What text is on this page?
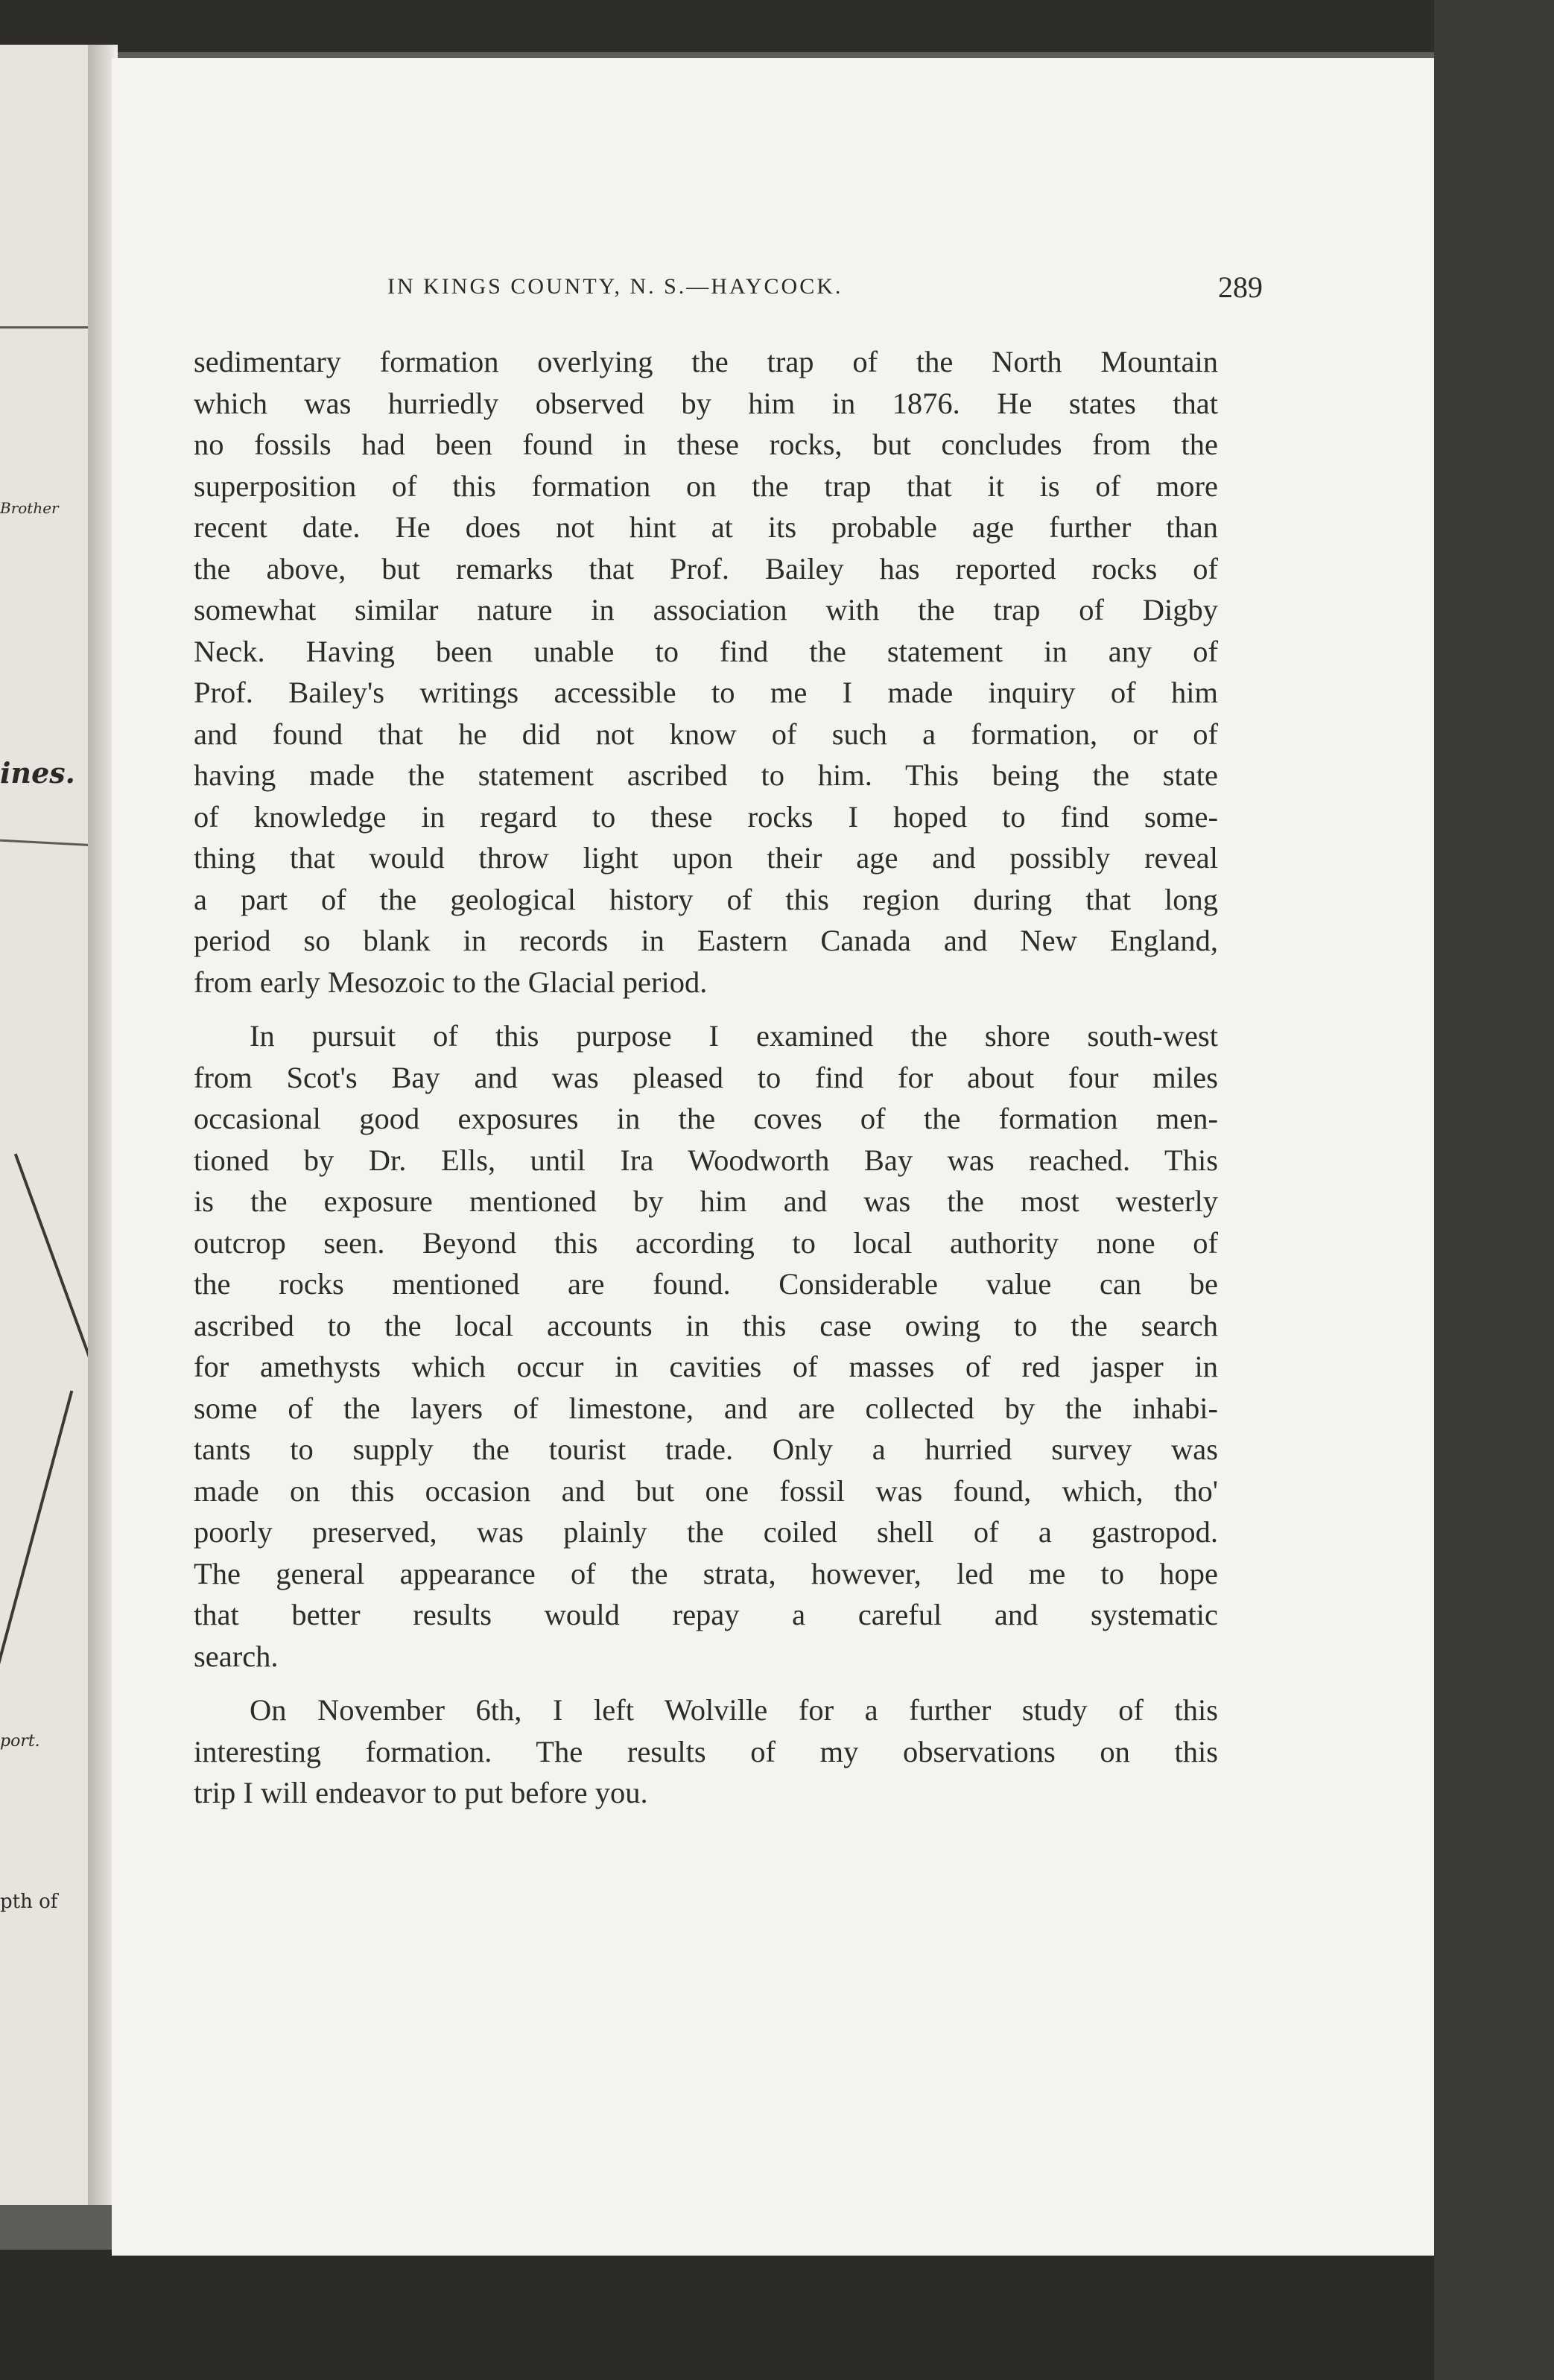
Brother
ines.
port.
pth of
IN KINGS COUNTY, N. S.—HAYCOCK.	289
sedimentary formation overlying the trap of the North Mountain
which was hurriedly observed by him in 1876. He states that
no fossils had been found in these rocks, but concludes from the
superposition of this formation on the trap that it is of more
recent date. He does not hint at its probable age further than
the above, but remarks that Prof. Bailey has reported rocks of
somewhat similar nature in association with the trap of Digby
Neck. Having been unable to find the statement in any of
Prof. Bailey's writings accessible to me I made inquiry of him
and found that he did not know of such a formation, or of
having made the statement ascribed to him. This being the state
of knowledge in regard to these rocks I hoped to find some-
thing that would throw light upon their age and possibly reveal
a part of the geological history of this region during that long
period so blank in records in Eastern Canada and New England,
from early Mesozoic to the Glacial period.
In pursuit of this purpose I examined the shore south-west
from Scot's Bay and was pleased to find for about four miles
occasional good exposures in the coves of the formation men-
tioned by Dr. Ells, until Ira Woodworth Bay was reached. This
is the exposure mentioned by him and was the most westerly
outcrop seen. Beyond this according to local authority none of
the rocks mentioned are found. Considerable value can be
ascribed to the local accounts in this case owing to the search
for amethysts which occur in cavities of masses of red jasper in
some of the layers of limestone, and are collected by the inhabi-
tants to supply the tourist trade. Only a hurried survey was
made on this occasion and but one fossil was found, which, tho'
poorly preserved, was plainly the coiled shell of a gastropod.
The general appearance of the strata, however, led me to hope
that better results would repay a careful and systematic
search.
On November 6th, I left Wolville for a further study of this
interesting formation. The results of my observations on this
trip I will endeavor to put before you.
